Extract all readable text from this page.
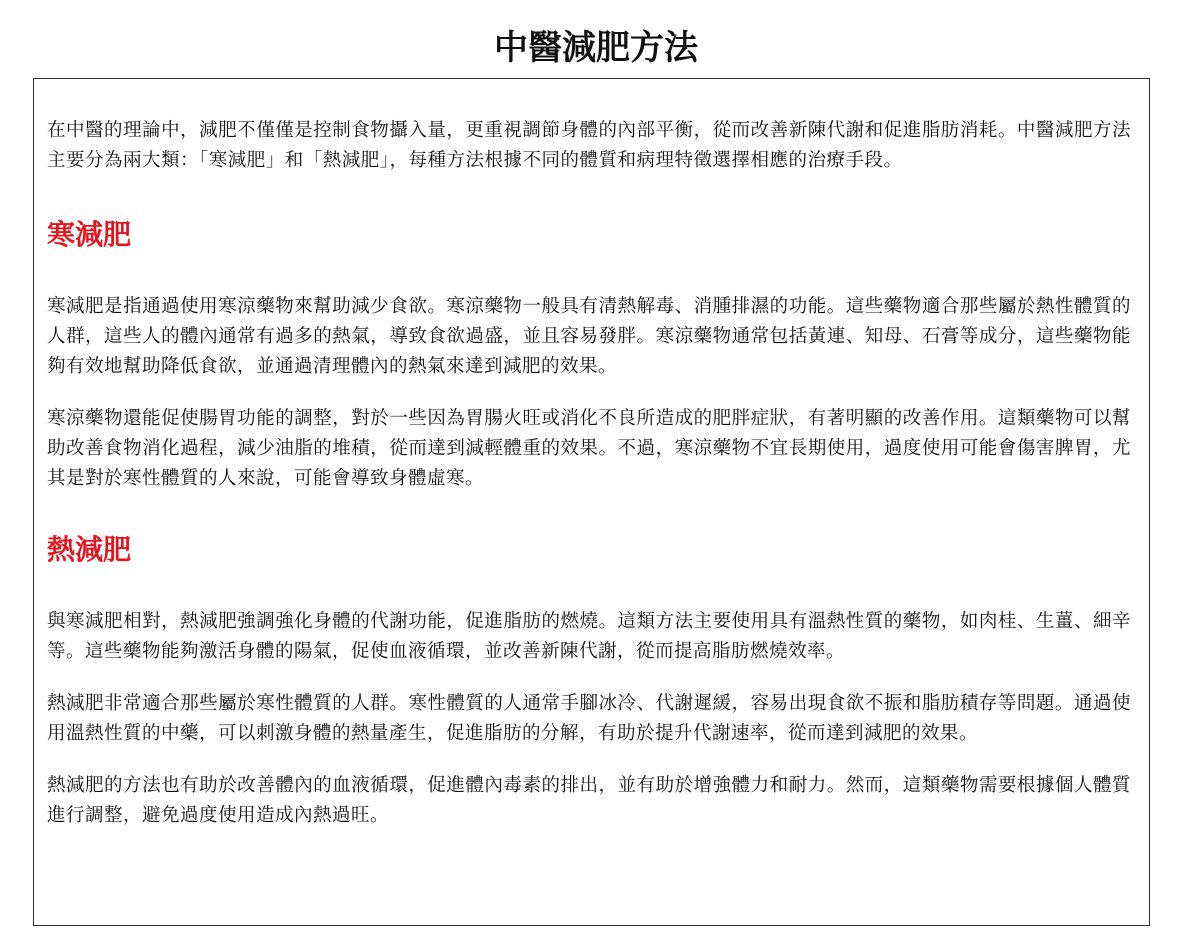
中醫減肥方法

在中醫的理論中，減肥不僅僅是控制食物攝入量，更重視調節身體的內部平衡，從而改善新陳代謝和促進脂肪消耗。中醫減肥方法主要分為兩大類：「寒減肥」和「熱減肥」，每種方法根據不同的體質和病理特徵選擇相應的治療手段。

寒減肥

寒減肥是指通過使用寒涼藥物來幫助減少食欲。寒涼藥物一般具有清熱解毒、消腫排濕的功能。這些藥物適合那些屬於熱性體質的人群，這些人的體內通常有過多的熱氣，導致食欲過盛，並且容易發胖。寒涼藥物通常包括黃連、知母、石膏等成分，這些藥物能夠有效地幫助降低食欲，並通過清理體內的熱氣來達到減肥的效果。

寒涼藥物還能促使腸胃功能的調整，對於一些因為胃腸火旺或消化不良所造成的肥胖症狀，有著明顯的改善作用。這類藥物可以幫助改善食物消化過程，減少油脂的堆積，從而達到減輕體重的效果。不過，寒涼藥物不宜長期使用，過度使用可能會傷害脾胃，尤其是對於寒性體質的人來說，可能會導致身體虛寒。

熱減肥

與寒減肥相對，熱減肥強調強化身體的代謝功能，促進脂肪的燃燒。這類方法主要使用具有溫熱性質的藥物，如肉桂、生薑、細辛等。這些藥物能夠激活身體的陽氣，促使血液循環，並改善新陳代謝，從而提高脂肪燃燒效率。

熱減肥非常適合那些屬於寒性體質的人群。寒性體質的人通常手腳冰冷、代謝遲緩，容易出現食欲不振和脂肪積存等問題。通過使用溫熱性質的中藥，可以刺激身體的熱量產生，促進脂肪的分解，有助於提升代謝速率，從而達到減肥的效果。

熱減肥的方法也有助於改善體內的血液循環，促進體內毒素的排出，並有助於增強體力和耐力。然而，這類藥物需要根據個人體質進行調整，避免過度使用造成內熱過旺。
